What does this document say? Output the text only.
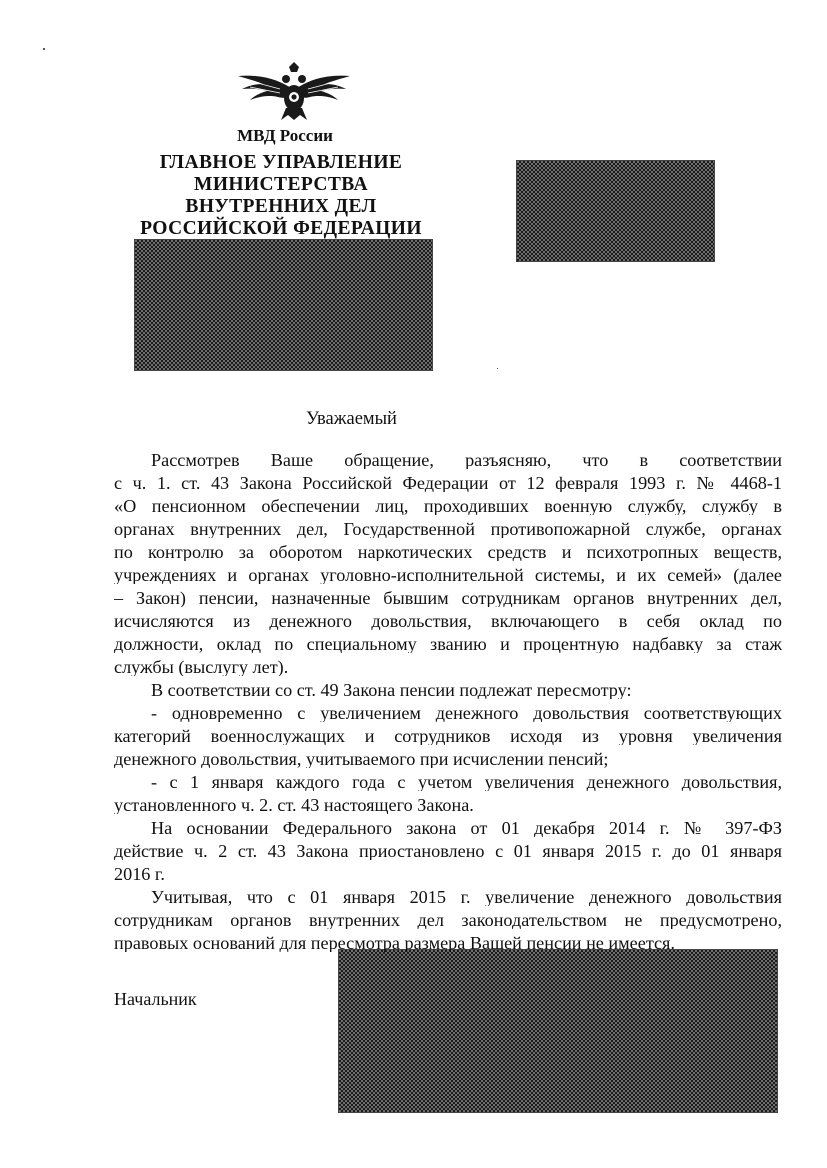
МВД России
ГЛАВНОЕ УПРАВЛЕНИЕ
МИНИСТЕРСТВА
ВНУТРЕННИХ ДЕЛ
РОССИЙСКОЙ ФЕДЕРАЦИИ
Уважаемый
Рассмотрев Ваше обращение, разъясняю, что в соответствии
с ч. 1. ст. 43 Закона Российской Федерации от 12 февраля 1993 г. № 4468-1
«О пенсионном обеспечении лиц, проходивших военную службу, службу в
органах внутренних дел, Государственной противопожарной службе, органах
по контролю за оборотом наркотических средств и психотропных веществ,
учреждениях и органах уголовно-исполнительной системы, и их семей» (далее
– Закон) пенсии, назначенные бывшим сотрудникам органов внутренних дел,
исчисляются из денежного довольствия, включающего в себя оклад по
должности, оклад по специальному званию и процентную надбавку за стаж
службы (выслугу лет).
В соответствии со ст. 49 Закона пенсии подлежат пересмотру:
- одновременно с увеличением денежного довольствия соответствующих
категорий военнослужащих и сотрудников исходя из уровня увеличения
денежного довольствия, учитываемого при исчислении пенсий;
- с 1 января каждого года с учетом увеличения денежного довольствия,
установленного ч. 2. ст. 43 настоящего Закона.
На основании Федерального закона от 01 декабря 2014 г. № 397-ФЗ
действие ч. 2 ст. 43 Закона приостановлено с 01 января 2015 г. до 01 января
2016 г.
Учитывая, что с 01 января 2015 г. увеличение денежного довольствия
сотрудникам органов внутренних дел законодательством не предусмотрено,
правовых оснований для пересмотра размера Вашей пенсии не имеется.
Начальник
